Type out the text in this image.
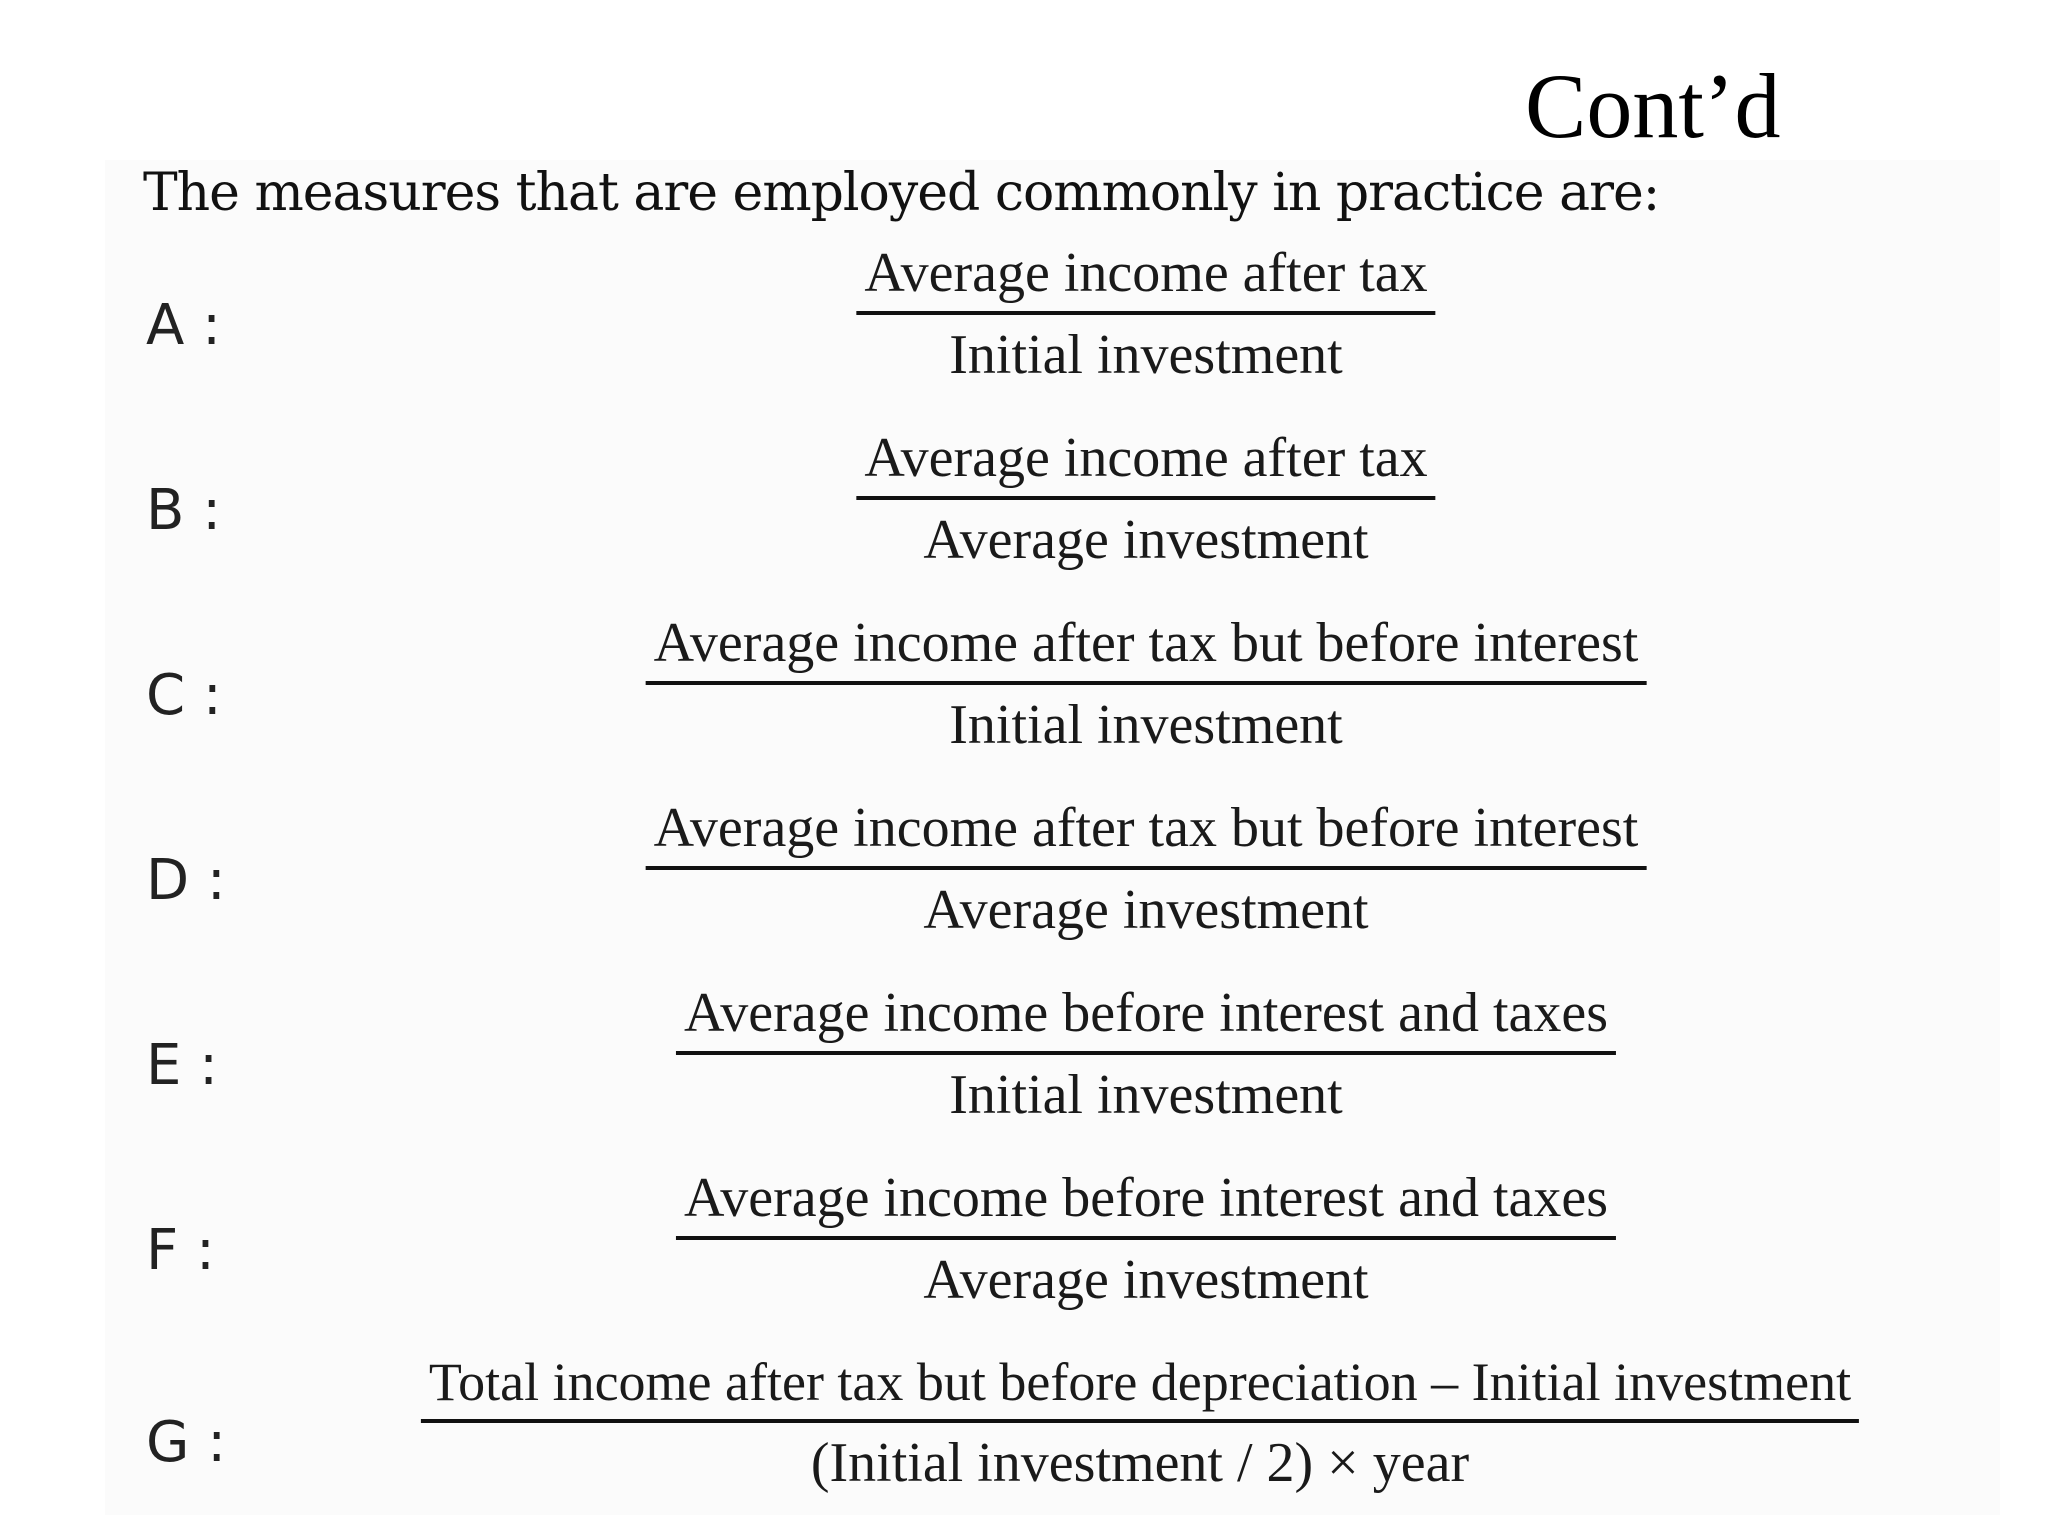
Cont’d
The measures that are employed commonly in practice are:
A :
Average income after tax
Initial investment
B :
Average income after tax
Average investment
C :
Average income after tax but before interest
Initial investment
D :
Average income after tax but before interest
Average investment
E :
Average income before interest and taxes
Initial investment
F :
Average income before interest and taxes
Average investment
G :
Total income after tax but before depreciation – Initial investment
(Initial investment / 2) × year
